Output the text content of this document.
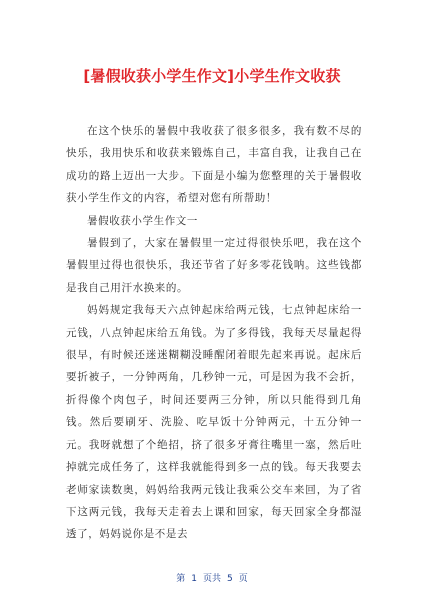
[暑假收获小学生作文]小学生作文收获

在这个快乐的暑假中我收获了很多很多，我有数不尽的快乐，我用快乐和收获来锻炼自己，丰富自我，让我自己在成功的路上迈出一大步。下面是小编为您整理的关于暑假收获小学生作文的内容，希望对您有所帮助！

暑假收获小学生作文一

暑假到了，大家在暑假里一定过得很快乐吧，我在这个暑假里过得也很快乐，我还节省了好多零花钱呐。这些钱都是我自己用汗水换来的。

妈妈规定我每天六点钟起床给两元钱，七点钟起床给一元钱，八点钟起床给五角钱。为了多得钱，我每天尽量起得很早，有时候还迷迷糊糊没睡醒闭着眼先起来再说。起床后要折被子，一分钟两角，几秒钟一元，可是因为我不会折，折得像个肉包子，时间还要两三分钟，所以只能得到几角钱。然后要刷牙、洗脸、吃早饭十分钟两元，十五分钟一元。我呀就想了个绝招，挤了很多牙膏往嘴里一塞，然后吐掉就完成任务了，这样我就能得到多一点的钱。每天我要去老师家读数奥，妈妈给我两元钱让我乘公交车来回，为了省下这两元钱，我每天走着去上课和回家，每天回家全身都湿透了，妈妈说你是不是去

第 1 页共 5 页
